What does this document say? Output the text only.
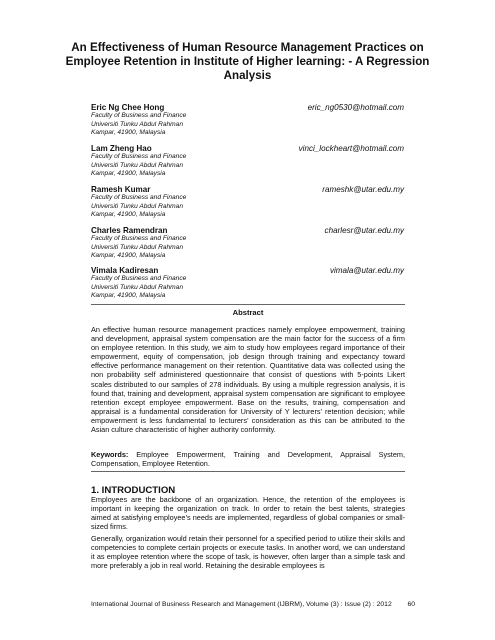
An Effectiveness of Human Resource Management Practices on Employee Retention in Institute of Higher learning: - A Regression Analysis
Eric Ng Chee Hong	eric_ng0530@hotmail.com
Faculty of Business and Finance
Universiti Tunku Abdul Rahman
Kampar, 41900, Malaysia
Lam Zheng Hao	vinci_lockheart@hotmail.com
Faculty of Business and Finance
Universiti Tunku Abdul Rahman
Kampar, 41900, Malaysia
Ramesh Kumar	rameshk@utar.edu.my
Faculty of Business and Finance
Universiti Tunku Abdul Rahman
Kampar, 41900, Malaysia
Charles Ramendran	charlesr@utar.edu.my
Faculty of Business and Finance
Universiti Tunku Abdul Rahman
Kampar, 41900, Malaysia
Vimala Kadiresan	vimala@utar.edu.my
Faculty of Business and Finance
Universiti Tunku Abdul Rahman
Kampar, 41900, Malaysia
Abstract
An effective human resource management practices namely employee empowerment, training and development, appraisal system compensation are the main factor for the success of a firm on employee retention. In this study, we aim to study how employees regard importance of their empowerment, equity of compensation, job design through training and expectancy toward effective performance management on their retention. Quantitative data was collected using the non probability self administered questionnaire that consist of questions with 5-points Likert scales distributed to our samples of 278 individuals. By using a multiple regression analysis, it is found that, training and development, appraisal system compensation are significant to employee retention except employee empowerment. Base on the results, training, compensation and appraisal is a fundamental consideration for University of Y lecturers’ retention decision; while empowerment is less fundamental to lecturers’ consideration as this can be attributed to the Asian culture characteristic of higher authority conformity.
Keywords: Employee Empowerment, Training and Development, Appraisal System, Compensation, Employee Retention.
1. INTRODUCTION
Employees are the backbone of an organization. Hence, the retention of the employees is important in keeping the organization on track. In order to retain the best talents, strategies aimed at satisfying employee’s needs are implemented, regardless of global companies or small-sized firms.
Generally, organization would retain their personnel for a specified period to utilize their skills and competencies to complete certain projects or execute tasks. In another word, we can understand it as employee retention where the scope of task, is however, often larger than a simple task and more preferably a job in real world. Retaining the desirable employees is
International Journal of Business Research and Management (IJBRM), Volume (3) : Issue (2) : 2012 60
